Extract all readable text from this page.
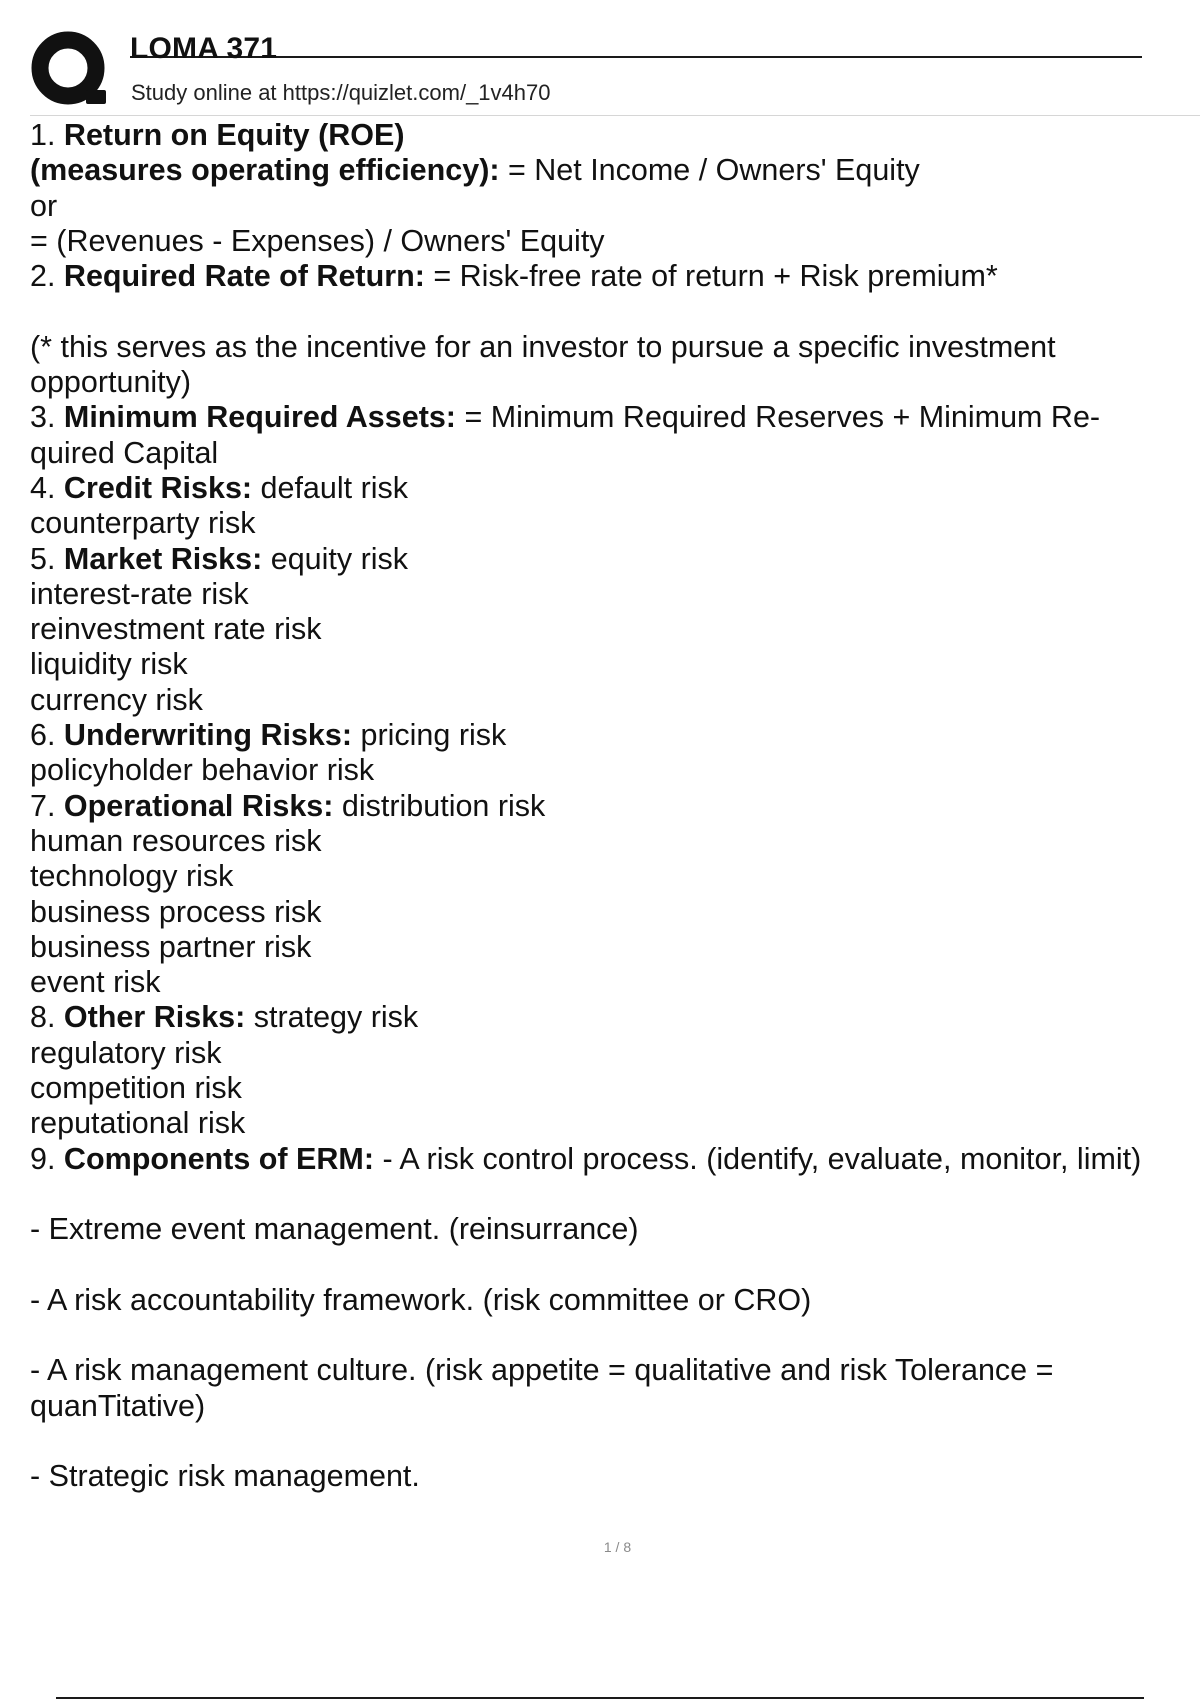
LOMA 371
Study online at https://quizlet.com/_1v4h70
1. Return on Equity (ROE)
(measures operating efficiency): = Net Income / Owners' Equity
or
= (Revenues - Expenses) / Owners' Equity
2. Required Rate of Return: = Risk-free rate of return + Risk premium*
(* this serves as the incentive for an investor to pursue a specific investment
opportunity)
3. Minimum Required Assets: = Minimum Required Reserves + Minimum Re-
quired Capital
4. Credit Risks: default risk
counterparty risk
5. Market Risks: equity risk
interest-rate risk
reinvestment rate risk
liquidity risk
currency risk
6. Underwriting Risks: pricing risk
policyholder behavior risk
7. Operational Risks: distribution risk
human resources risk
technology risk
business process risk
business partner risk
event risk
8. Other Risks: strategy risk
regulatory risk
competition risk
reputational risk
9. Components of ERM: - A risk control process. (identify, evaluate, monitor, limit)
- Extreme event management. (reinsurrance)
- A risk accountability framework. (risk committee or CRO)
- A risk management culture. (risk appetite = qualitative and risk Tolerance =
quanTitative)
- Strategic risk management.
1 / 8
